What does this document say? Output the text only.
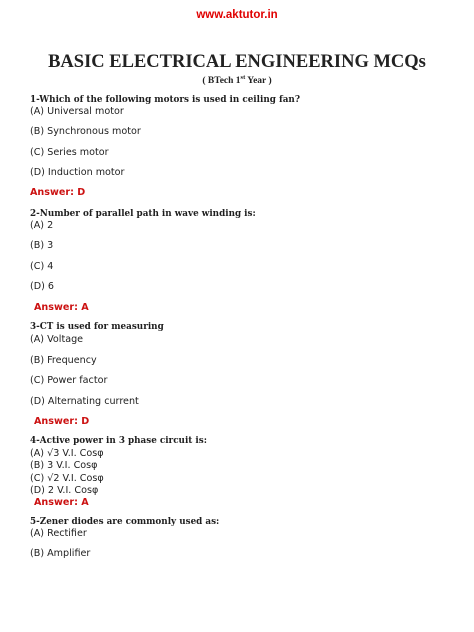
www.aktutor.in
BASIC ELECTRICAL ENGINEERING MCQs
( BTech 1st Year )
1-Which of the following motors is used in ceiling fan?
(A) Universal motor
(B) Synchronous motor
(C) Series motor
(D) Induction motor
Answer: D
2-Number of parallel path in wave winding is:
(A) 2
(B) 3
(C) 4
(D) 6
Answer: A
3-CT is used for measuring
(A) Voltage
(B) Frequency
(C) Power factor
(D) Alternating current
Answer: D
4-Active power in 3 phase circuit is:
(A) √3 V.I. Cosφ
(B) 3 V.I. Cosφ
(C) √2 V.I. Cosφ
(D) 2 V.I. Cosφ
Answer: A
5-Zener diodes are commonly used as:
(A) Rectifier
(B) Amplifier
